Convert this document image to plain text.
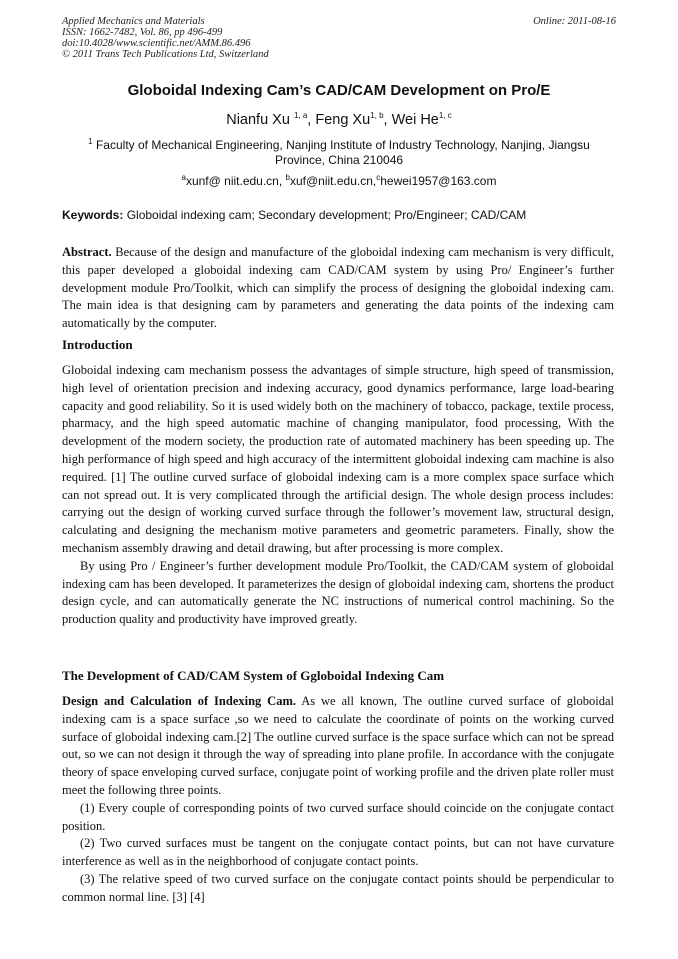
Applied Mechanics and Materials
ISSN: 1662-7482, Vol. 86, pp 496-499
doi:10.4028/www.scientific.net/AMM.86.496
© 2011 Trans Tech Publications Ltd, Switzerland
Online: 2011-08-16
Globoidal Indexing Cam’s CAD/CAM Development on Pro/E
Nianfu Xu $^{1, a}$, Feng Xu$^{1, b}$, Wei He$^{1, c}$
$^1$ Faculty of Mechanical Engineering, Nanjing Institute of Industry Technology, Nanjing, Jiangsu Province, China 210046
$^a$xunf@ niit.edu.cn, $^b$xuf@niit.edu.cn,$^c$hewei1957@163.com
Keywords: Globoidal indexing cam; Secondary development; Pro/Engineer; CAD/CAM

Abstract. Because of the design and manufacture of the globoidal indexing cam mechanism is very difficult, this paper developed a globoidal indexing cam CAD/CAM system by using Pro/ Engineer’s further development module Pro/Toolkit, which can simplify the process of designing the globoidal indexing cam. The main idea is that designing cam by parameters and generating the data points of the indexing cam automatically by the computer.

Introduction

Globoidal indexing cam mechanism possess the advantages of simple structure, high speed of transmission, high level of orientation precision and indexing accuracy, good dynamics performance, large load-bearing capacity and good reliability. So it is used widely both on the machinery of tobacco, package, textile process, pharmacy, and the high speed automatic machine of changing manipulator, food processing, With the development of the modern society, the production rate of automated machinery has been speeding up. The high performance of high speed and high accuracy of the intermittent globoidal indexing cam machine is also required. [1] The outline curved surface of globoidal indexing cam is a more complex space surface which can not spread out. It is very complicated through the artificial design. The whole design process includes: carrying out the design of working curved surface through the follower’s movement law, structural design, calculating and designing the mechanism motive parameters and geometric parameters. Finally, show the mechanism assembly drawing and detail drawing, but after processing is more complex.

By using Pro / Engineer’s further development module Pro/Toolkit, the CAD/CAM system of globoidal indexing cam has been developed. It parameterizes the design of globoidal indexing cam, shortens the product design cycle, and can automatically generate the NC instructions of numerical control machining. So the production quality and productivity have improved greatly.

The Development of CAD/CAM System of Ggloboidal Indexing Cam

Design and Calculation of Indexing Cam. As we all known, The outline curved surface of globoidal indexing cam is a space surface ,so we need to calculate the coordinate of points on the working curved surface of globoidal indexing cam.[2] The outline curved surface is the space surface which can not be spread out, so we can not design it through the way of spreading into plane profile. In accordance with the conjugate theory of space enveloping curved surface, conjugate point of working profile and the driven plate roller must meet the following three points.

(1) Every couple of corresponding points of two curved surface should coincide on the conjugate contact position.

(2) Two curved surfaces must be tangent on the conjugate contact points, but can not have curvature interference as well as in the neighborhood of conjugate contact points.

(3) The relative speed of two curved surface on the conjugate contact points should be perpendicular to common normal line. [3] [4]
